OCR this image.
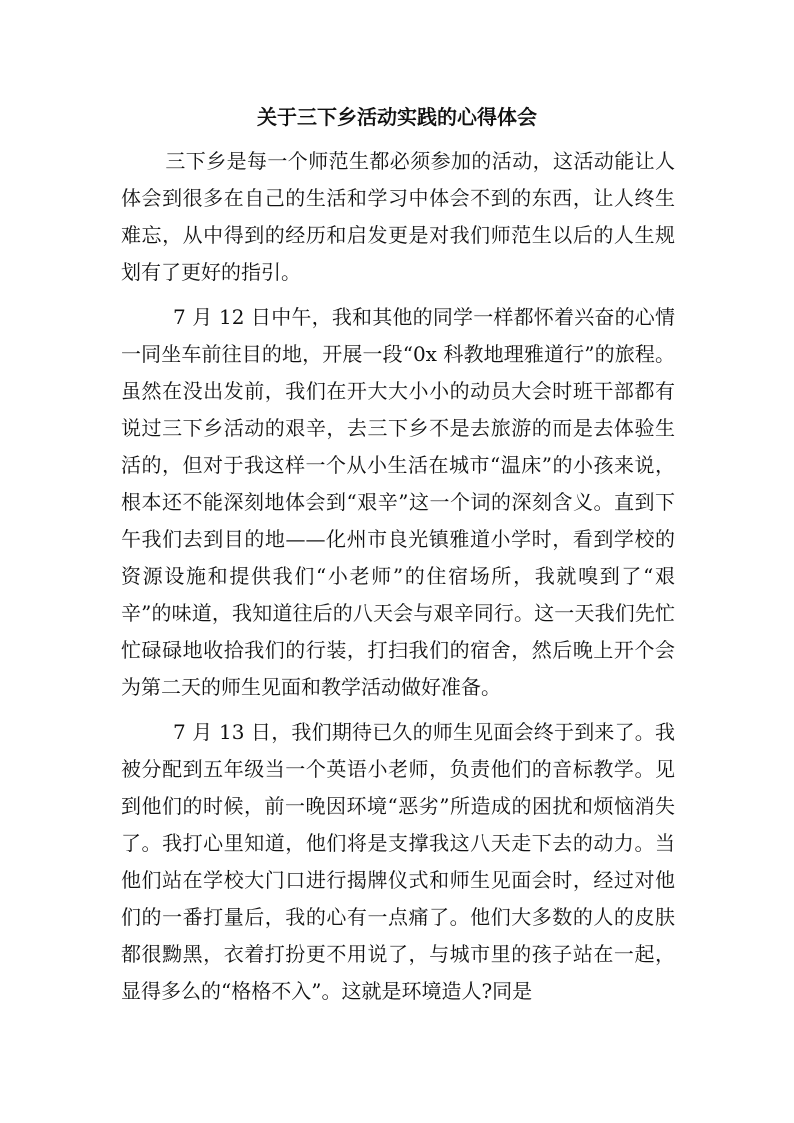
关于三下乡活动实践的心得体会

三下乡是每一个师范生都必须参加的活动，这活动能让人体会到很多在自己的生活和学习中体会不到的东西，让人终生难忘，从中得到的经历和启发更是对我们师范生以后的人生规划有了更好的指引。

7 月 12 日中午，我和其他的同学一样都怀着兴奋的心情一同坐车前往目的地，开展一段“0x 科教地理雅道行”的旅程。虽然在没出发前，我们在开大大小小的动员大会时班干部都有说过三下乡活动的艰辛，去三下乡不是去旅游的而是去体验生活的，但对于我这样一个从小生活在城市“温床”的小孩来说，根本还不能深刻地体会到“艰辛”这一个词的深刻含义。直到下午我们去到目的地——化州市良光镇雅道小学时，看到学校的资源设施和提供我们“小老师”的住宿场所，我就嗅到了“艰辛”的味道，我知道往后的八天会与艰辛同行。这一天我们先忙忙碌碌地收拾我们的行装，打扫我们的宿舍，然后晚上开个会为第二天的师生见面和教学活动做好准备。

7 月 13 日，我们期待已久的师生见面会终于到来了。我被分配到五年级当一个英语小老师，负责他们的音标教学。见到他们的时候，前一晚因环境“恶劣”所造成的困扰和烦恼消失了。我打心里知道，他们将是支撑我这八天走下去的动力。当他们站在学校大门口进行揭牌仪式和师生见面会时，经过对他们的一番打量后，我的心有一点痛了。他们大多数的人的皮肤都很黝黑，衣着打扮更不用说了，与城市里的孩子站在一起，显得多么的“格格不入”。这就是环境造人?同是
